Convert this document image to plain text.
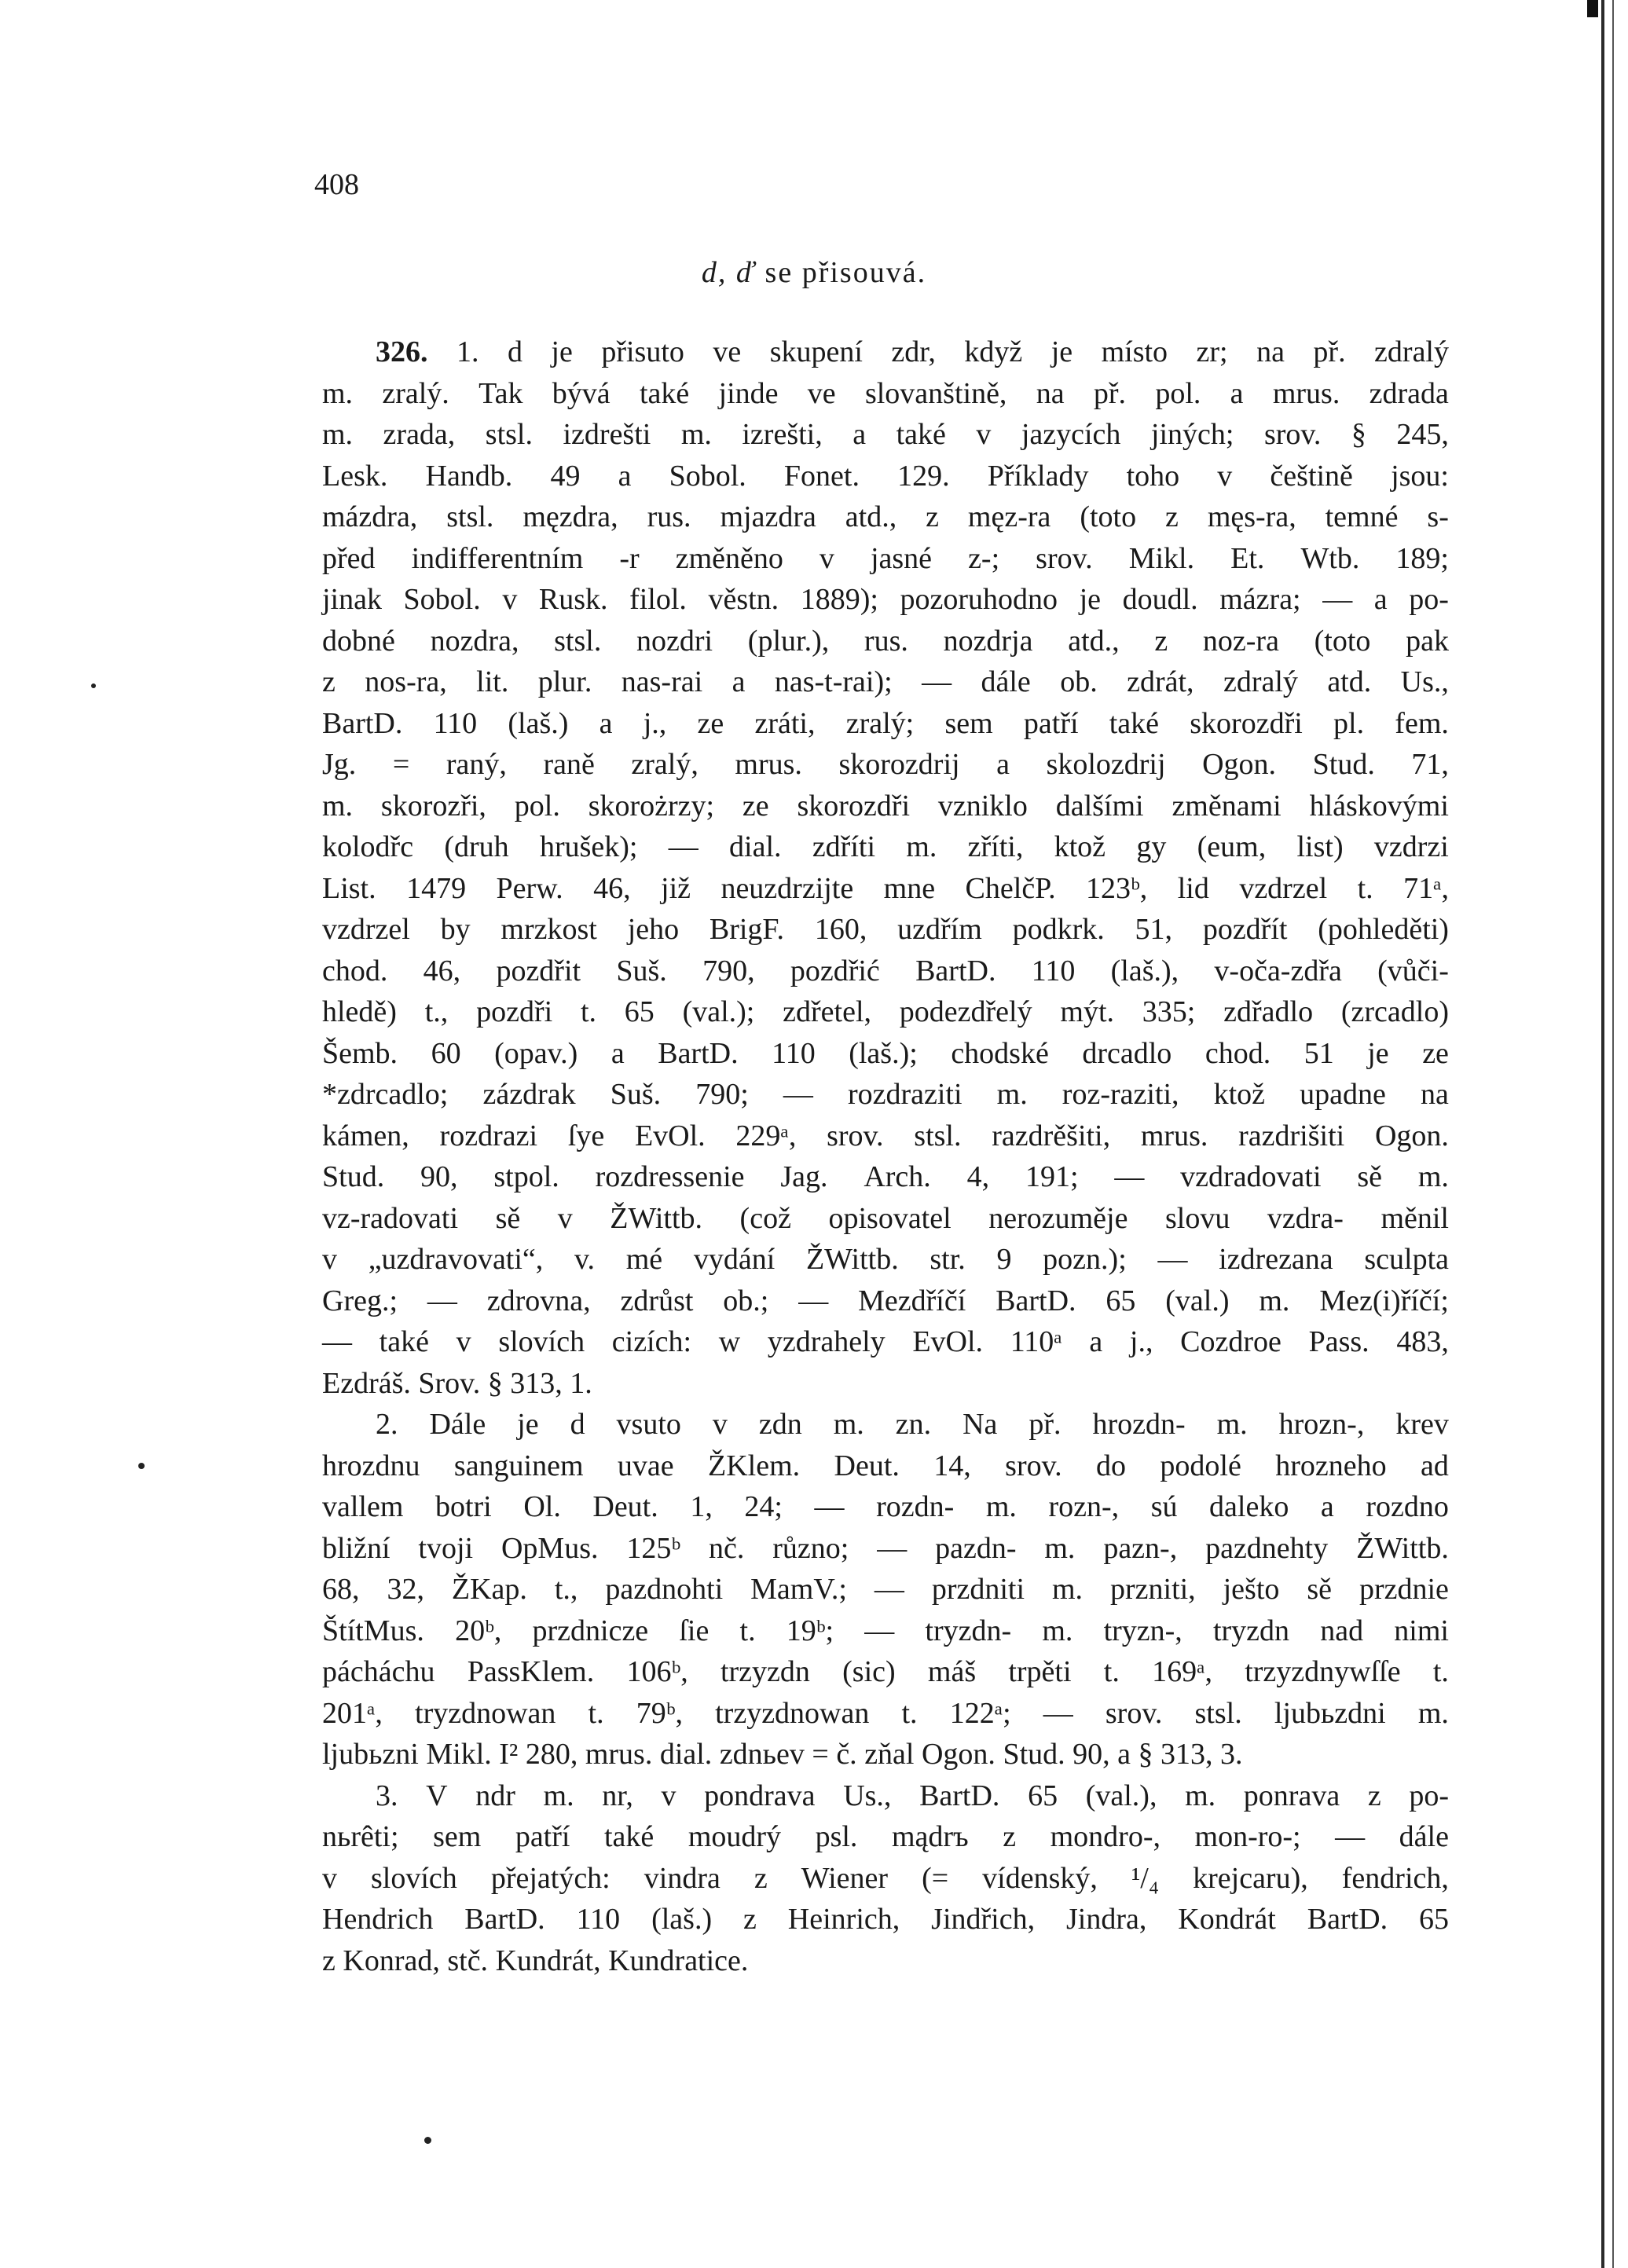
408
d, ď se přisouvá.
326. 1. d je přisuto ve skupení zdr, když je místo zr; na př. zdralý
m. zralý. Tak bývá také jinde ve slovanštině, na př. pol. a mrus. zdrada
m. zrada, stsl. izdrešti m. izrešti, a také v jazycích jiných; srov. § 245,
Lesk. Handb. 49 a Sobol. Fonet. 129. Příklady toho v češtině jsou:
mázdra, stsl. męzdra, rus. mjazdra atd., z męz-ra (toto z męs-ra, temné s-
před indifferentním -r změněno v jasné z-; srov. Mikl. Et. Wtb. 189;
jinak Sobol. v Rusk. filol. věstn. 1889); pozoruhodno je doudl. mázra; — a po-
dobné nozdra, stsl. nozdri (plur.), rus. nozdrja atd., z noz-ra (toto pak
z nos-ra, lit. plur. nas-rai a nas-t-rai); — dále ob. zdrát, zdralý atd. Us.,
BartD. 110 (laš.) a j., ze zráti, zralý; sem patří také skorozdři pl. fem.
Jg. = raný, raně zralý, mrus. skorozdrij a skolozdrij Ogon. Stud. 71,
m. skorozři, pol. skorożrzy; ze skorozdři vzniklo dalšími změnami hláskovými
kolodřc (druh hrušek); — dial. zdříti m. zříti, ktož gy (eum, list) vzdrzi
List. 1479 Perw. 46, již neuzdrzijte mne ChelčP. 123ᵇ, lid vzdrzel t. 71ᵃ,
vzdrzel by mrzkost jeho BrigF. 160, uzdřím podkrk. 51, pozdřít (pohleděti)
chod. 46, pozdřit Suš. 790, pozdřić BartD. 110 (laš.), v-oča-zdřa (vůči-
hledě) t., pozdři t. 65 (val.); zdřetel, podezdřelý mýt. 335; zdřadlo (zrcadlo)
Šemb. 60 (opav.) a BartD. 110 (laš.); chodské drcadlo chod. 51 je ze
*zdrcadlo; zázdrak Suš. 790; — rozdraziti m. roz-raziti, ktož upadne na
kámen, rozdrazi ſye EvOl. 229ᵃ, srov. stsl. razdrěšiti, mrus. razdrišiti Ogon.
Stud. 90, stpol. rozdressenie Jag. Arch. 4, 191; — vzdradovati sě m.
vz-radovati sě v ŽWittb. (což opisovatel nerozuměje slovu vzdra- měnil
v „uzdravovati“, v. mé vydání ŽWittb. str. 9 pozn.); — izdrezana sculpta
Greg.; — zdrovna, zdrůst ob.; — Mezdříčí BartD. 65 (val.) m. Mez(i)říčí;
— také v slovích cizích: w yzdrahely EvOl. 110ᵃ a j., Cozdroe Pass. 483,
Ezdráš. Srov. § 313, 1.
2. Dále je d vsuto v zdn m. zn. Na př. hrozdn- m. hrozn-, krev
hrozdnu sanguinem uvae ŽKlem. Deut. 14, srov. do podolé hrozneho ad
vallem botri Ol. Deut. 1, 24; — rozdn- m. rozn-, sú daleko a rozdno
bližní tvoji OpMus. 125ᵇ nč. různo; — pazdn- m. pazn-, pazdnehty ŽWittb.
68, 32, ŽKap. t., pazdnohti MamV.; — przdniti m. przniti, ješto sě przdnie
ŠtítMus. 20ᵇ, przdnicze ſie t. 19ᵇ; — tryzdn- m. tryzn-, tryzdn nad nimi
pácháchu PassKlem. 106ᵇ, trzyzdn (sic) máš trpěti t. 169ᵃ, trzyzdnywſſe t.
201ᵃ, tryzdnowan t. 79ᵇ, trzyzdnowan t. 122ᵃ; — srov. stsl. ljubьzdni m.
ljubьzni Mikl. I² 280, mrus. dial. zdnьev = č. zňal Ogon. Stud. 90, a § 313, 3.
3. V ndr m. nr, v pondrava Us., BartD. 65 (val.), m. ponrava z po-
nьrêti; sem patří také moudrý psl. mądrъ z mondro-, mon-ro-; — dále
v slovích přejatých: vindra z Wiener (= vídenský, ¹/₄ krejcaru), fendrich,
Hendrich BartD. 110 (laš.) z Heinrich, Jindřich, Jindra, Kondrát BartD. 65
z Konrad, stč. Kundrát, Kundratice.
